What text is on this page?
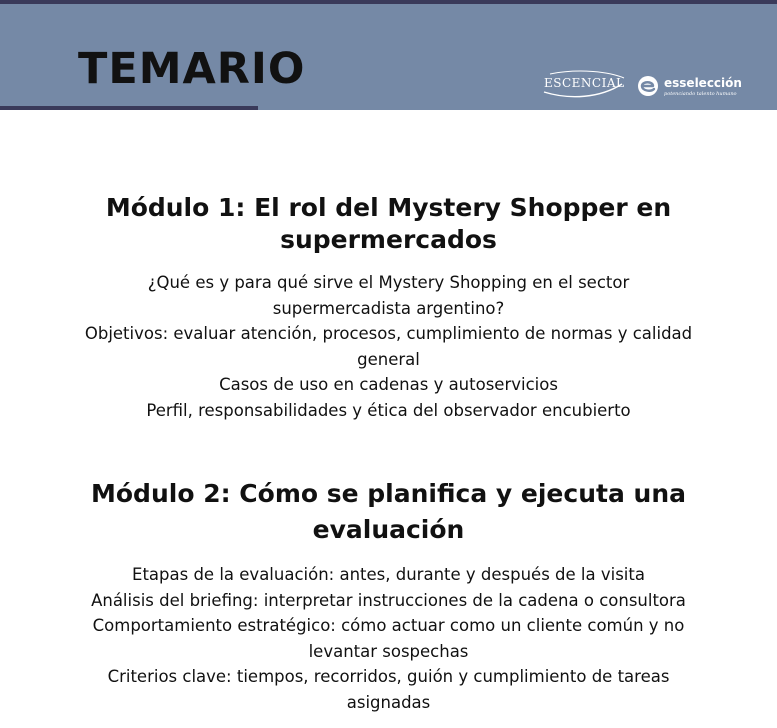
TEMARIO	ESCENCIAL	esselección
potenciando talento humano
Módulo 1: El rol del Mystery Shopper en supermercados
¿Qué es y para qué sirve el Mystery Shopping en el sector supermercadista argentino?
Objetivos: evaluar atención, procesos, cumplimiento de normas y calidad general
Casos de uso en cadenas y autoservicios
Perfil, responsabilidades y ética del observador encubierto
Módulo 2: Cómo se planifica y ejecuta una evaluación
Etapas de la evaluación: antes, durante y después de la visita
Análisis del briefing: interpretar instrucciones de la cadena o consultora
Comportamiento estratégico: cómo actuar como un cliente común y no levantar sospechas
Criterios clave: tiempos, recorridos, guión y cumplimiento de tareas asignadas
